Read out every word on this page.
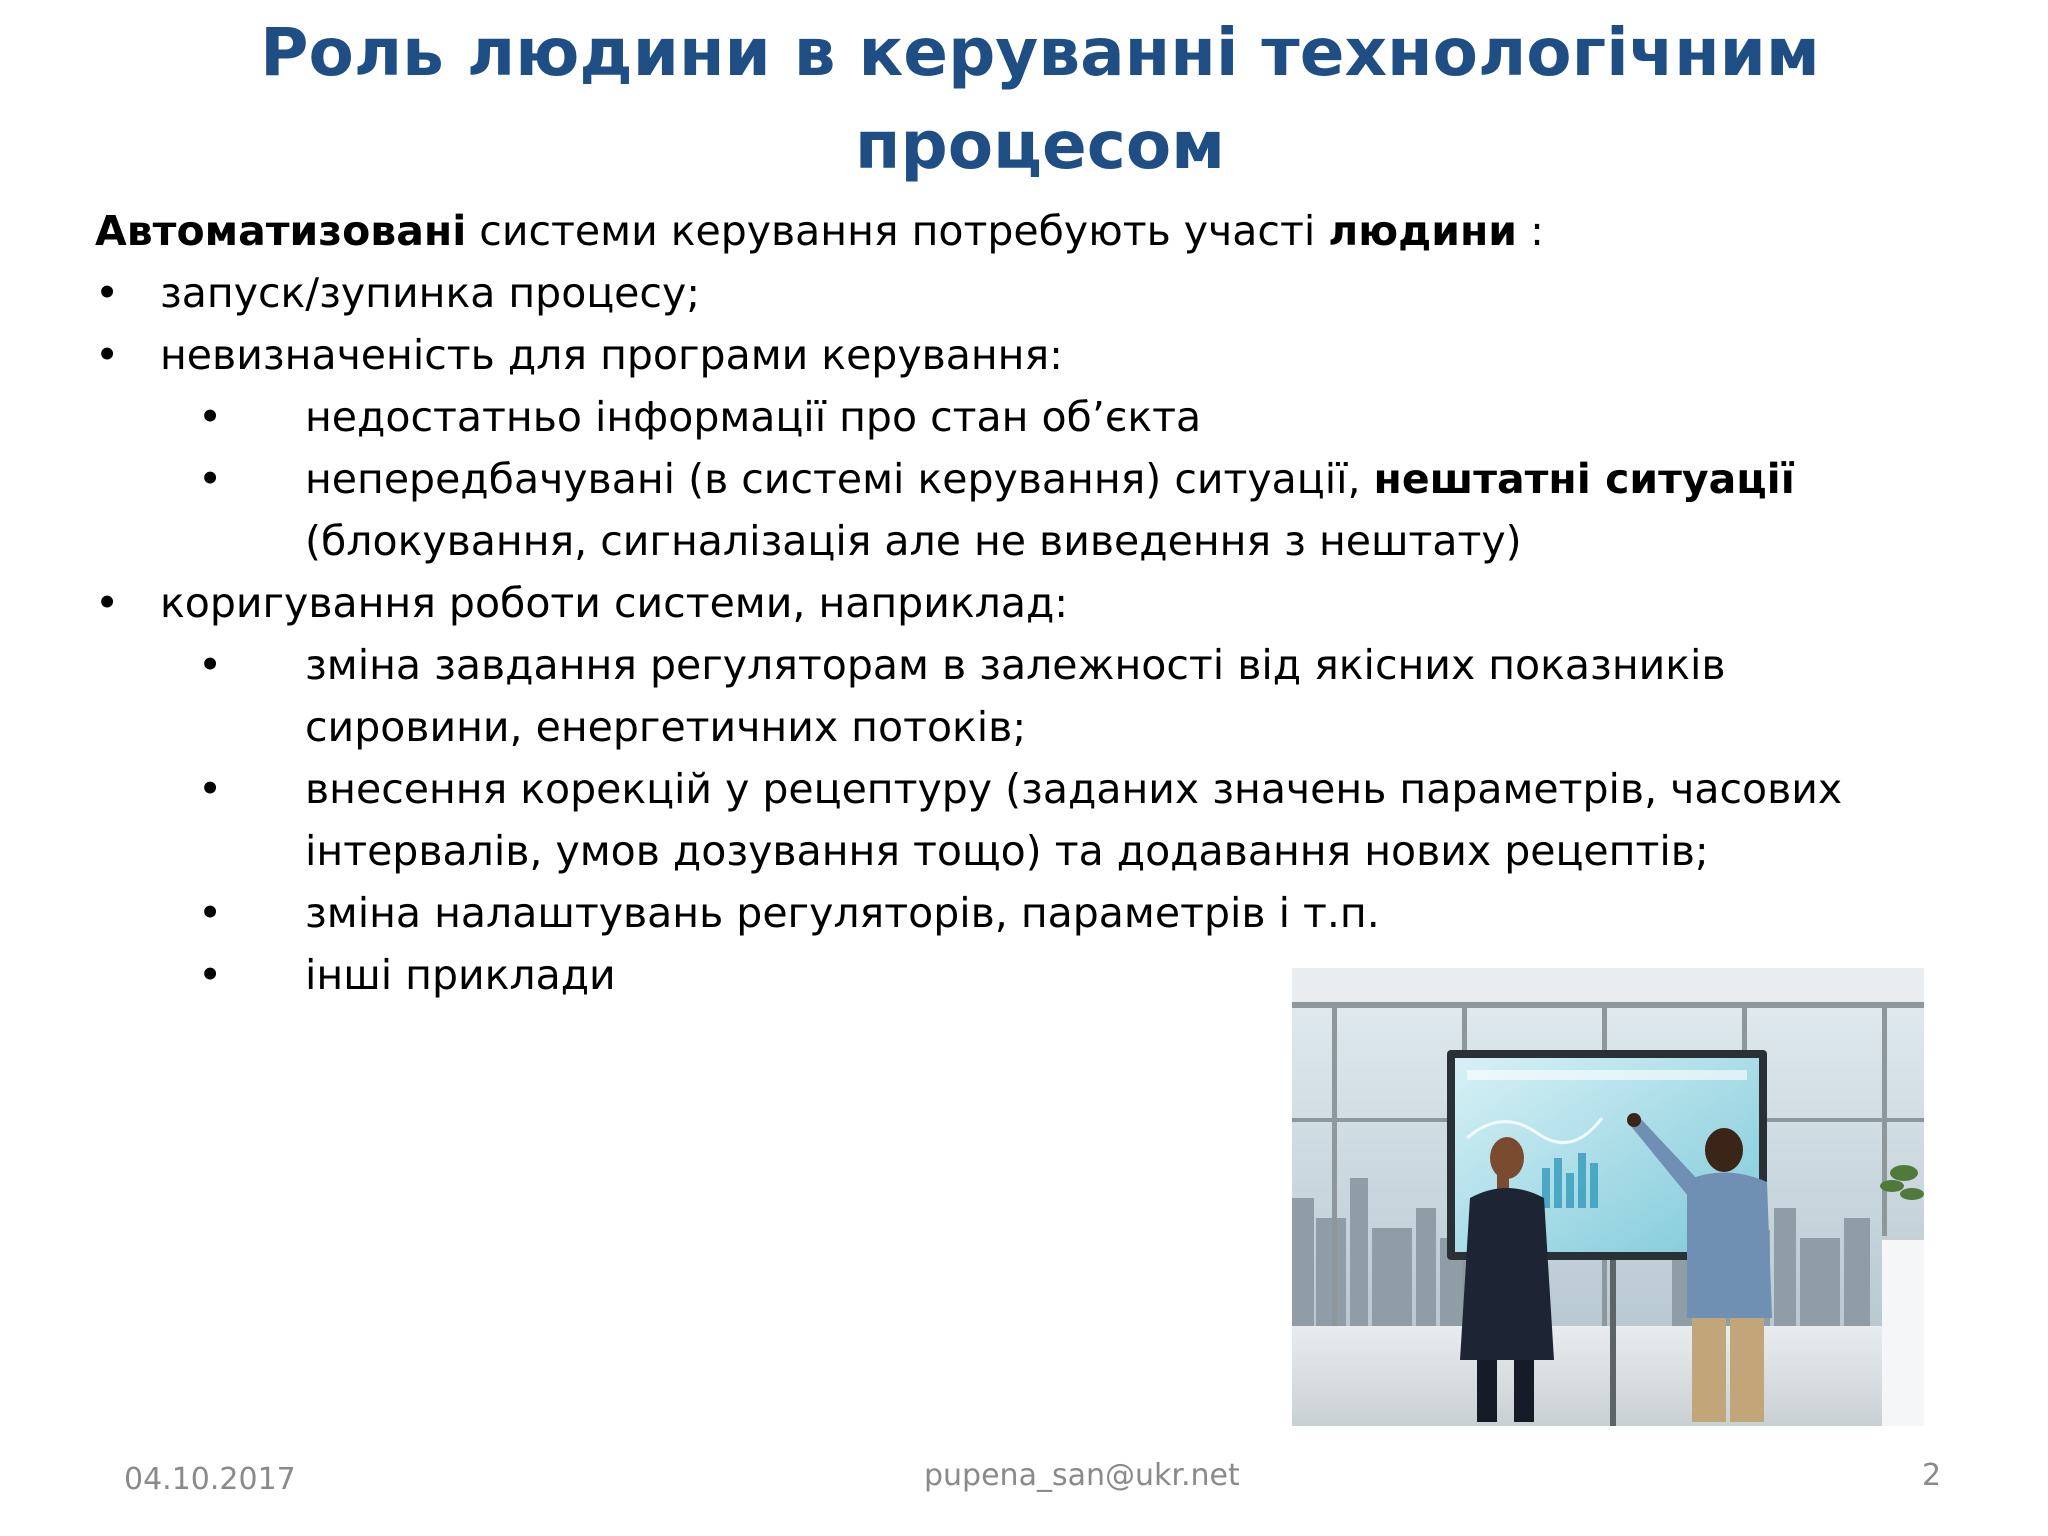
Роль людини в керуванні технологічним процесом
Автоматизовані системи керування потребують участі людини :
• запуск/зупинка процесу;
• невизначеність для програми керування:
•	недостатньо інформації про стан об’єкта
•	непередбачувані (в системі керування) ситуації, нештатні ситуації (блокування, сигналізація але не виведення з нештату)
• коригування роботи системи, наприклад:
•	зміна завдання регуляторам в залежності від якісних показників сировини, енергетичних потоків;
•	внесення корекцій у рецептуру (заданих значень параметрів, часових інтервалів, умов дозування тощо) та додавання нових рецептів;
•	зміна налаштувань регуляторів, параметрів і т.п.
•	інші приклади
04.10.2017	pupena_san@ukr.net	2
